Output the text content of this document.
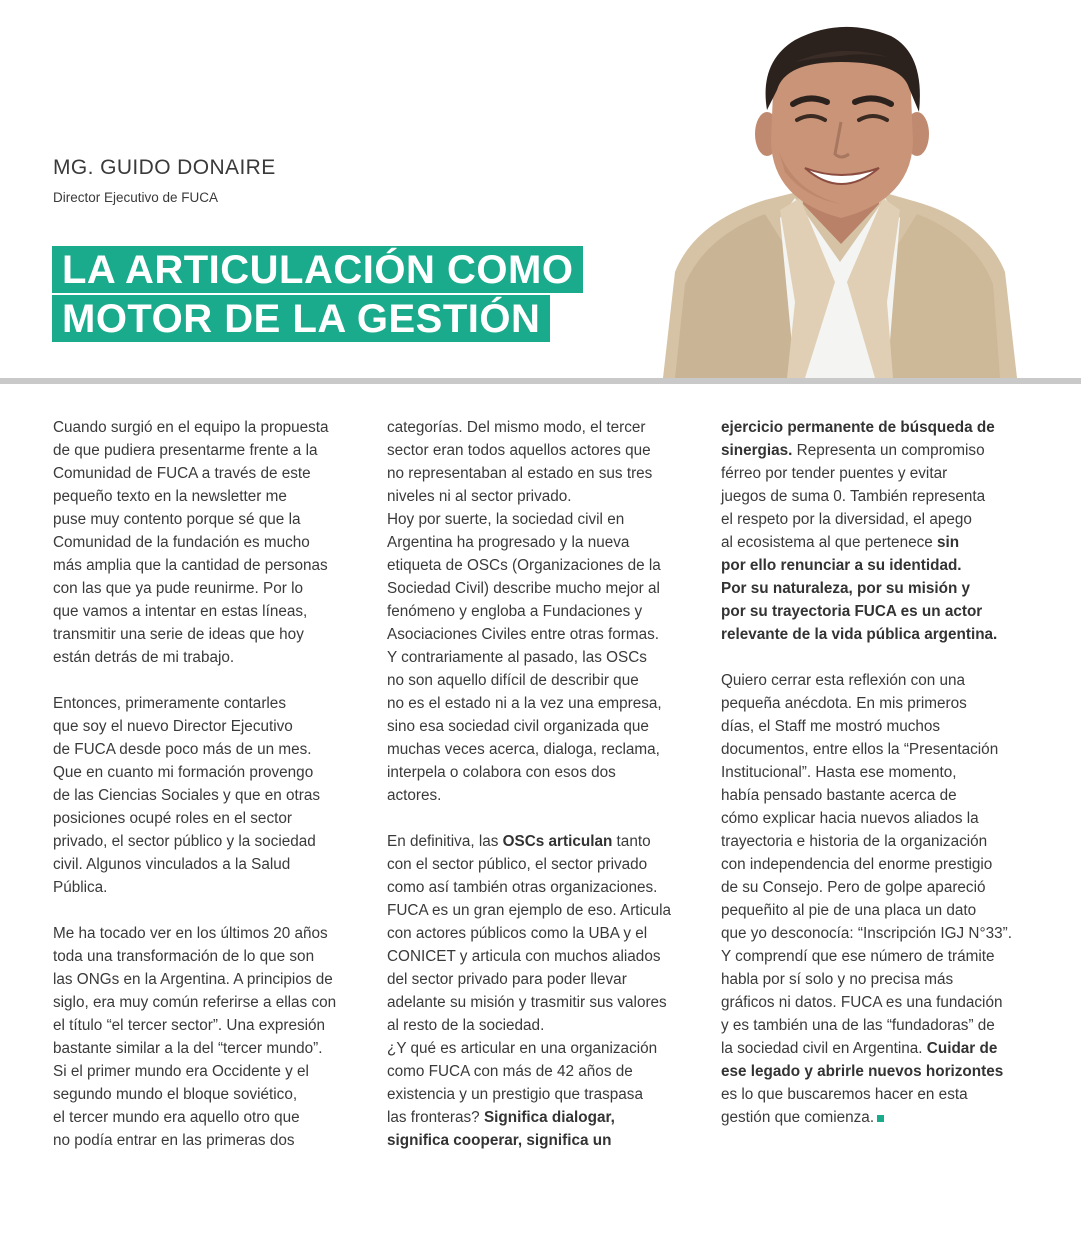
MG. GUIDO DONAIRE

Director Ejecutivo de FUCA

LA ARTICULACIÓN COMO
MOTOR DE LA GESTIÓN

Cuando surgió en el equipo la propuesta

de que pudiera presentarme frente a la

Comunidad de FUCA a través de este

pequeño texto en la newsletter me

puse muy contento porque sé que la

Comunidad de la fundación es mucho

más amplia que la cantidad de personas

con las que ya pude reunirme. Por lo

que vamos a intentar en estas líneas,

transmitir una serie de ideas que hoy

están detrás de mi trabajo.

Entonces, primeramente contarles

que soy el nuevo Director Ejecutivo

de FUCA desde poco más de un mes.

Que en cuanto mi formación provengo

de las Ciencias Sociales y que en otras

posiciones ocupé roles en el sector

privado, el sector público y la sociedad

civil. Algunos vinculados a la Salud

Pública.

Me ha tocado ver en los últimos 20 años

toda una transformación de lo que son

las ONGs en la Argentina. A principios de

siglo, era muy común referirse a ellas con

el título “el tercer sector”. Una expresión

bastante similar a la del “tercer mundo”.

Si el primer mundo era Occidente y el

segundo mundo el bloque soviético,

el tercer mundo era aquello otro que

no podía entrar en las primeras dos

categorías. Del mismo modo, el tercer

sector eran todos aquellos actores que

no representaban al estado en sus tres

niveles ni al sector privado.

Hoy por suerte, la sociedad civil en

Argentina ha progresado y la nueva

etiqueta de OSCs (Organizaciones de la

Sociedad Civil) describe mucho mejor al

fenómeno y engloba a Fundaciones y

Asociaciones Civiles entre otras formas.

Y contrariamente al pasado, las OSCs

no son aquello difícil de describir que

no es el estado ni a la vez una empresa,

sino esa sociedad civil organizada que

muchas veces acerca, dialoga, reclama,

interpela o colabora con esos dos

actores.

En definitiva, las OSCs articulan tanto

con el sector público, el sector privado

como así también otras organizaciones.

FUCA es un gran ejemplo de eso. Articula

con actores públicos como la UBA y el

CONICET y articula con muchos aliados

del sector privado para poder llevar

adelante su misión y trasmitir sus valores

al resto de la sociedad.

¿Y qué es articular en una organización

como FUCA con más de 42 años de

existencia y un prestigio que traspasa

las fronteras? Significa dialogar,

significa cooperar, significa un

ejercicio permanente de búsqueda de

sinergias. Representa un compromiso

férreo por tender puentes y evitar

juegos de suma 0. También representa

el respeto por la diversidad, el apego

al ecosistema al que pertenece sin

por ello renunciar a su identidad.

Por su naturaleza, por su misión y

por su trayectoria FUCA es un actor

relevante de la vida pública argentina.

Quiero cerrar esta reflexión con una

pequeña anécdota. En mis primeros

días, el Staff me mostró muchos

documentos, entre ellos la “Presentación

Institucional”. Hasta ese momento,

había pensado bastante acerca de

cómo explicar hacia nuevos aliados la

trayectoria e historia de la organización

con independencia del enorme prestigio

de su Consejo. Pero de golpe apareció

pequeñito al pie de una placa un dato

que yo desconocía: “Inscripción IGJ N°33”.

Y comprendí que ese número de trámite

habla por sí solo y no precisa más

gráficos ni datos. FUCA es una fundación

y es también una de las “fundadoras” de

la sociedad civil en Argentina. Cuidar de

ese legado y abrirle nuevos horizontes

es lo que buscaremos hacer en esta

gestión que comienza.
